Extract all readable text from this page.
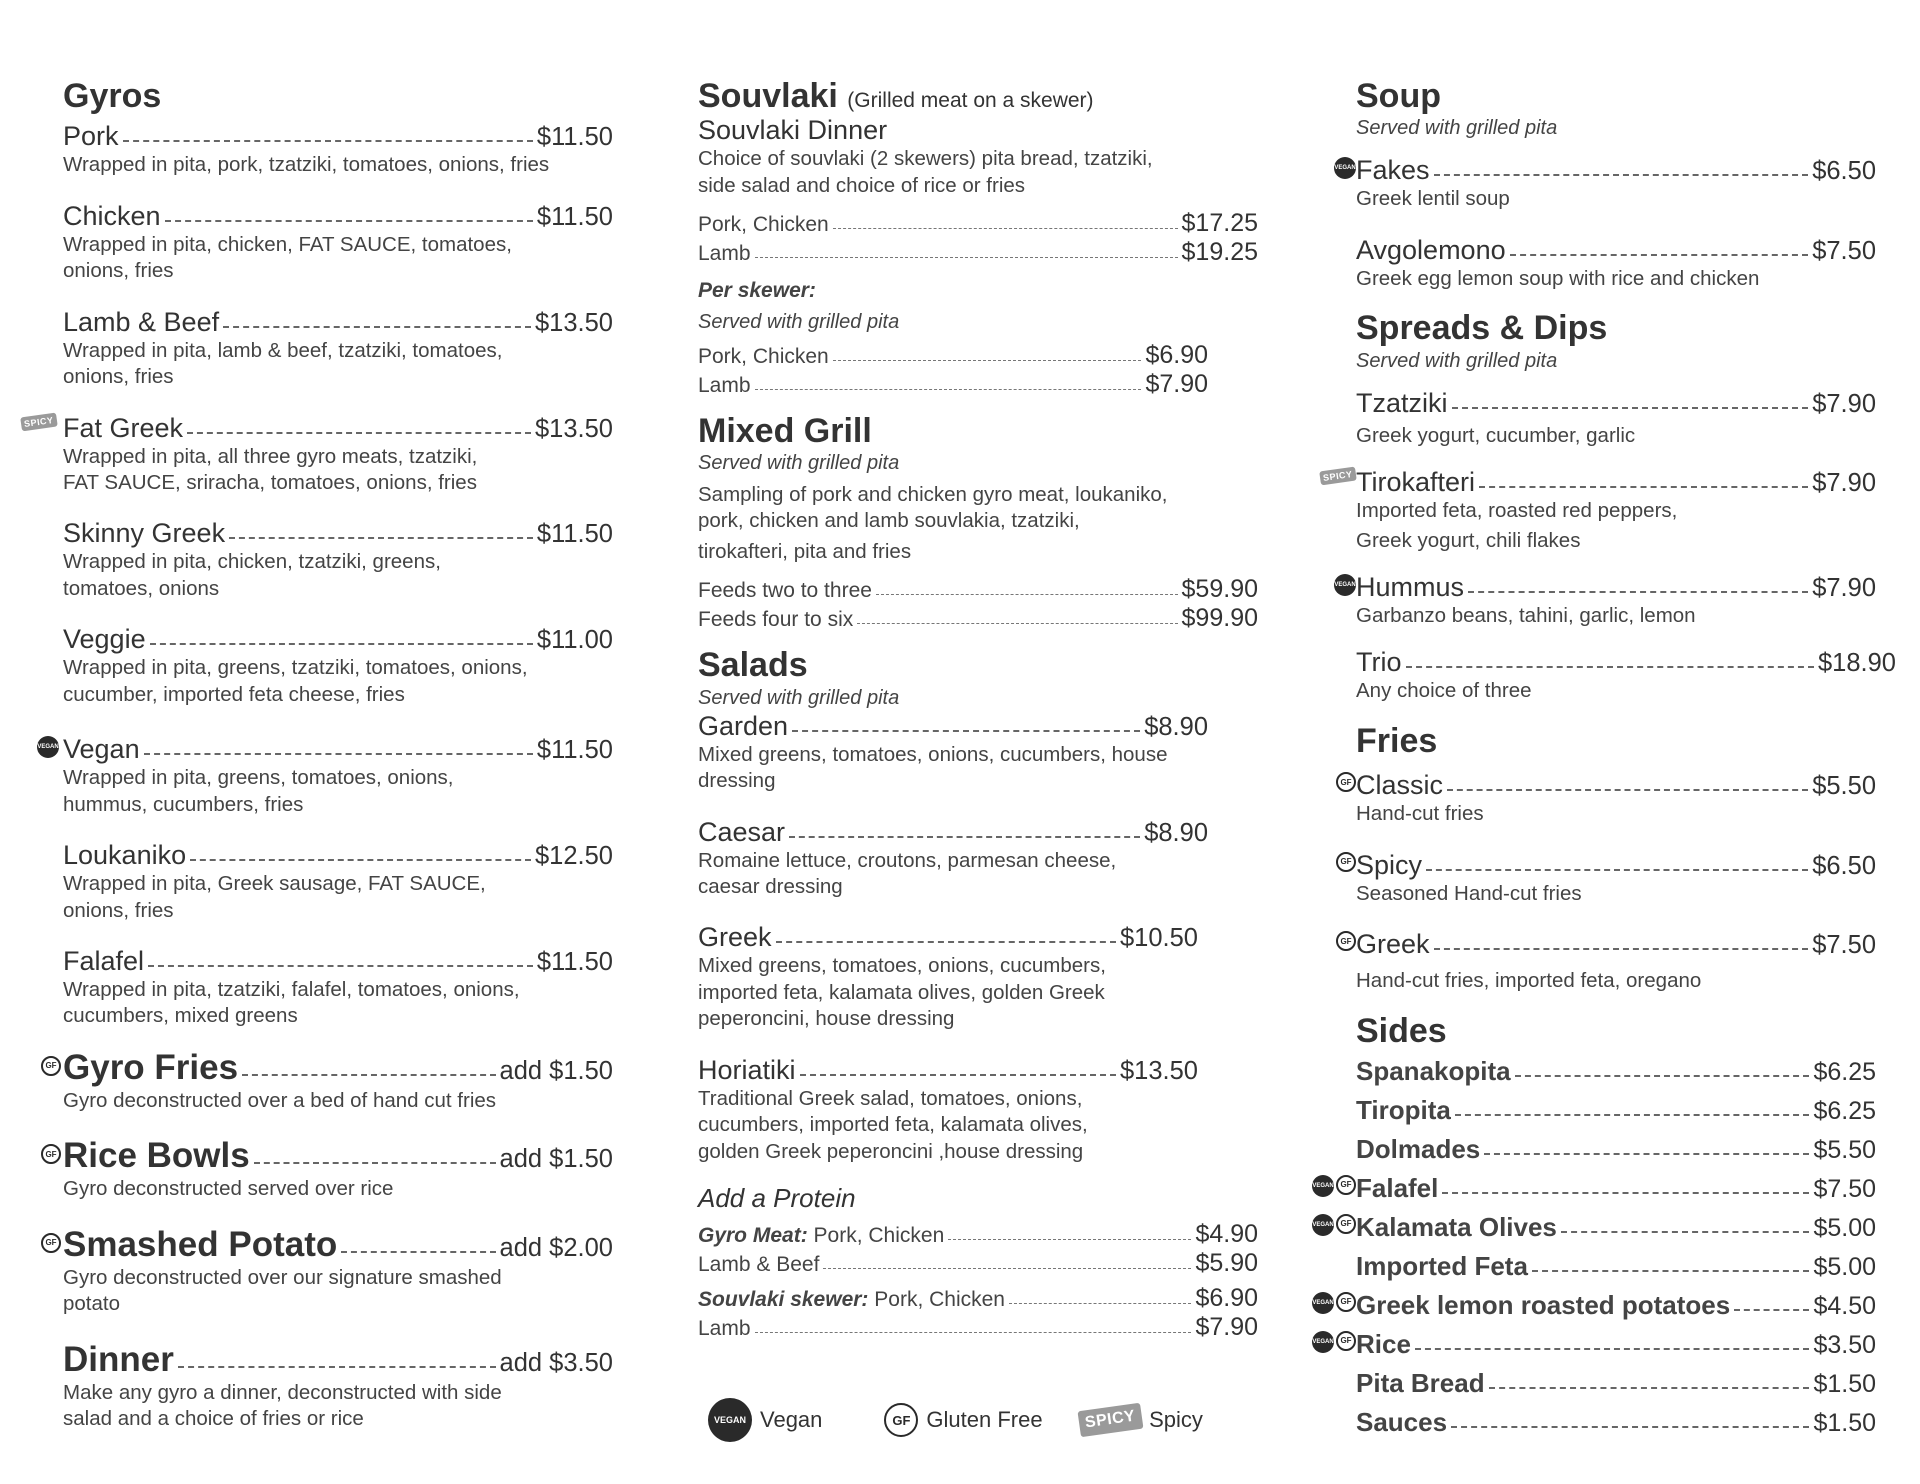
Gyros
Pork	$11.50
Wrapped in pita, pork, tzatziki, tomatoes, onions, fries
Chicken	$11.50
Wrapped in pita, chicken, FAT SAUCE, tomatoes,
onions, fries
Lamb & Beef	$13.50
Wrapped in pita, lamb & beef, tzatziki, tomatoes,
onions, fries
SPICY Fat Greek	$13.50
Wrapped in pita, all three gyro meats, tzatziki,
FAT SAUCE, sriracha, tomatoes, onions, fries
Skinny Greek	$11.50
Wrapped in pita, chicken, tzatziki, greens,
tomatoes, onions
Veggie	$11.00
Wrapped in pita, greens, tzatziki, tomatoes, onions,
cucumber, imported feta cheese, fries
VEGAN Vegan	$11.50
Wrapped in pita, greens, tomatoes, onions,
hummus, cucumbers, fries
Loukaniko	$12.50
Wrapped in pita, Greek sausage, FAT SAUCE,
onions, fries
Falafel	$11.50
Wrapped in pita, tzatziki, falafel, tomatoes, onions,
cucumbers, mixed greens
GF Gyro Fries	add $1.50
Gyro deconstructed over a bed of hand cut fries
GF Rice Bowls	add $1.50
Gyro deconstructed served over rice
GF Smashed Potato	add $2.00
Gyro deconstructed over our signature smashed
potato
Dinner	add $3.50
Make any gyro a dinner, deconstructed with side
salad and a choice of fries or rice
Souvlaki (Grilled meat on a skewer)
Souvlaki Dinner
Choice of souvlaki (2 skewers) pita bread, tzatziki,
side salad and choice of rice or fries
Pork, Chicken	$17.25
Lamb	$19.25
Per skewer:
Served with grilled pita
Pork, Chicken	$6.90
Lamb	$7.90
Mixed Grill
Served with grilled pita
Sampling of pork and chicken gyro meat, loukaniko,
pork, chicken and lamb souvlakia, tzatziki,
tirokafteri, pita and fries
Feeds two to three	$59.90
Feeds four to six	$99.90
Salads
Served with grilled pita
Garden	$8.90
Mixed greens, tomatoes, onions, cucumbers, house
dressing
Caesar	$8.90
Romaine lettuce, croutons, parmesan cheese,
caesar dressing
Greek	$10.50
Mixed greens, tomatoes, onions, cucumbers,
imported feta, kalamata olives, golden Greek
peperoncini, house dressing
Horiatiki	$13.50
Traditional Greek salad, tomatoes, onions,
cucumbers, imported feta, kalamata olives,
golden Greek peperoncini ,house dressing
Add a Protein
Gyro Meat: Pork, Chicken	$4.90
Lamb & Beef	$5.90
Souvlaki skewer: Pork, Chicken	$6.90
Lamb	$7.90
VEGAN Vegan	GF Gluten Free	SPICY Spicy
Soup
Served with grilled pita
VEGAN Fakes	$6.50
Greek lentil soup
Avgolemono	$7.50
Greek egg lemon soup with rice and chicken
Spreads & Dips
Served with grilled pita
Tzatziki	$7.90
Greek yogurt, cucumber, garlic
SPICY Tirokafteri	$7.90
Imported feta, roasted red peppers,
Greek yogurt, chili flakes
VEGAN Hummus	$7.90
Garbanzo beans, tahini, garlic, lemon
Trio	$18.90
Any choice of three
Fries
GF Classic	$5.50
Hand-cut fries
GF Spicy	$6.50
Seasoned Hand-cut fries
GF Greek	$7.50
Hand-cut fries, imported feta, oregano
Sides
Spanakopita	$6.25
Tiropita	$6.25
Dolmades	$5.50
VEGAN GF Falafel	$7.50
VEGAN GF Kalamata Olives	$5.00
Imported Feta	$5.00
VEGAN GF Greek lemon roasted potatoes	$4.50
VEGAN GF Rice	$3.50
Pita Bread	$1.50
Sauces	$1.50
